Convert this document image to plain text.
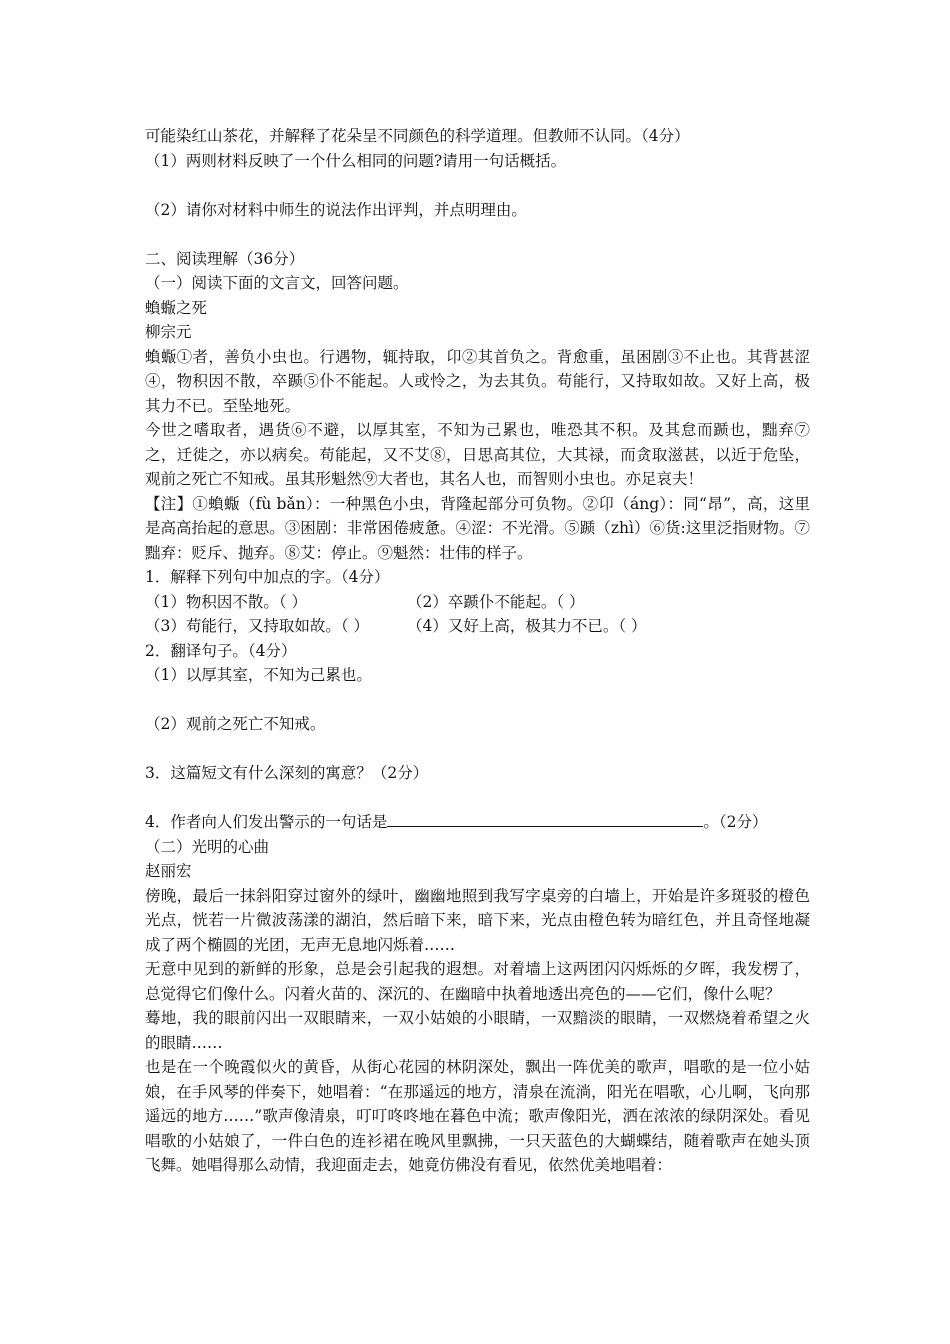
可能染红山茶花，并解释了花朵呈不同颜色的科学道理。但教师不认同。（4分）
（1）两则材料反映了一个什么相同的问题?请用一句话概括。
（2）请你对材料中师生的说法作出评判，并点明理由。
二、阅读理解（36分）
（一）阅读下面的文言文，回答问题。
蝜蝂之死
柳宗元
蝜蝂①者，善负小虫也。行遇物，辄持取，卬②其首负之。背愈重，虽困剧③不止也。其背甚涩④，物积因不散，卒踬⑤仆不能起。人或怜之，为去其负。苟能行，又持取如故。又好上高，极其力不已。至坠地死。
今世之嗜取者，遇货⑥不避，以厚其室，不知为己累也，唯恐其不积。及其怠而踬也，黜弃⑦之，迁徙之，亦以病矣。苟能起，又不艾⑧，日思高其位，大其禄，而贪取滋甚，以近于危坠，观前之死亡不知戒。虽其形魁然⑨大者也，其名人也，而智则小虫也。亦足哀夫！
【注】①蝜蝂（fù bǎn）：一种黑色小虫，背隆起部分可负物。②卬（áng）：同“昂”，高，这里是高高抬起的意思。③困剧：非常困倦疲惫。④涩：不光滑。⑤踬（zhì）⑥货:这里泛指财物。⑦黜弃：贬斥、抛弃。⑧艾：停止。⑨魁然：壮伟的样子。
1．解释下列句中加点的字。（4分）
（1）物积因不散。（ ）	（2）卒踬仆不能起。（ ）
（3）苟能行，又持取如故。（ ） （4）又好上高，极其力不已。（ ）
2．翻译句子。（4分）
（1）以厚其室，不知为己累也。
（2）观前之死亡不知戒。
3．这篇短文有什么深刻的寓意？（2分）
4．作者向人们发出警示的一句话是	。（2分）
（二）光明的心曲
赵丽宏
傍晚，最后一抹斜阳穿过窗外的绿叶，幽幽地照到我写字桌旁的白墙上，开始是许多斑驳的橙色光点，恍若一片微波荡漾的湖泊，然后暗下来，暗下来，光点由橙色转为暗红色，并且奇怪地凝成了两个椭圆的光团，无声无息地闪烁着……
无意中见到的新鲜的形象，总是会引起我的遐想。对着墙上这两团闪闪烁烁的夕晖，我发楞了，总觉得它们像什么。闪着火苗的、深沉的、在幽暗中执着地透出亮色的——它们，像什么呢？
蓦地，我的眼前闪出一双眼睛来，一双小姑娘的小眼睛，一双黯淡的眼睛，一双燃烧着希望之火的眼睛……
也是在一个晚霞似火的黄昏，从街心花园的林阴深处，飘出一阵优美的歌声，唱歌的是一位小姑娘，在手风琴的伴奏下，她唱着：“在那遥远的地方，清泉在流淌，阳光在唱歌，心儿啊，飞向那遥远的地方……”歌声像清泉，叮叮咚咚地在暮色中流；歌声像阳光，洒在浓浓的绿阴深处。看见唱歌的小姑娘了，一件白色的连衫裙在晚风里飘拂，一只天蓝色的大蝴蝶结，随着歌声在她头顶飞舞。她唱得那么动情，我迎面走去，她竟仿佛没有看见，依然优美地唱着：
